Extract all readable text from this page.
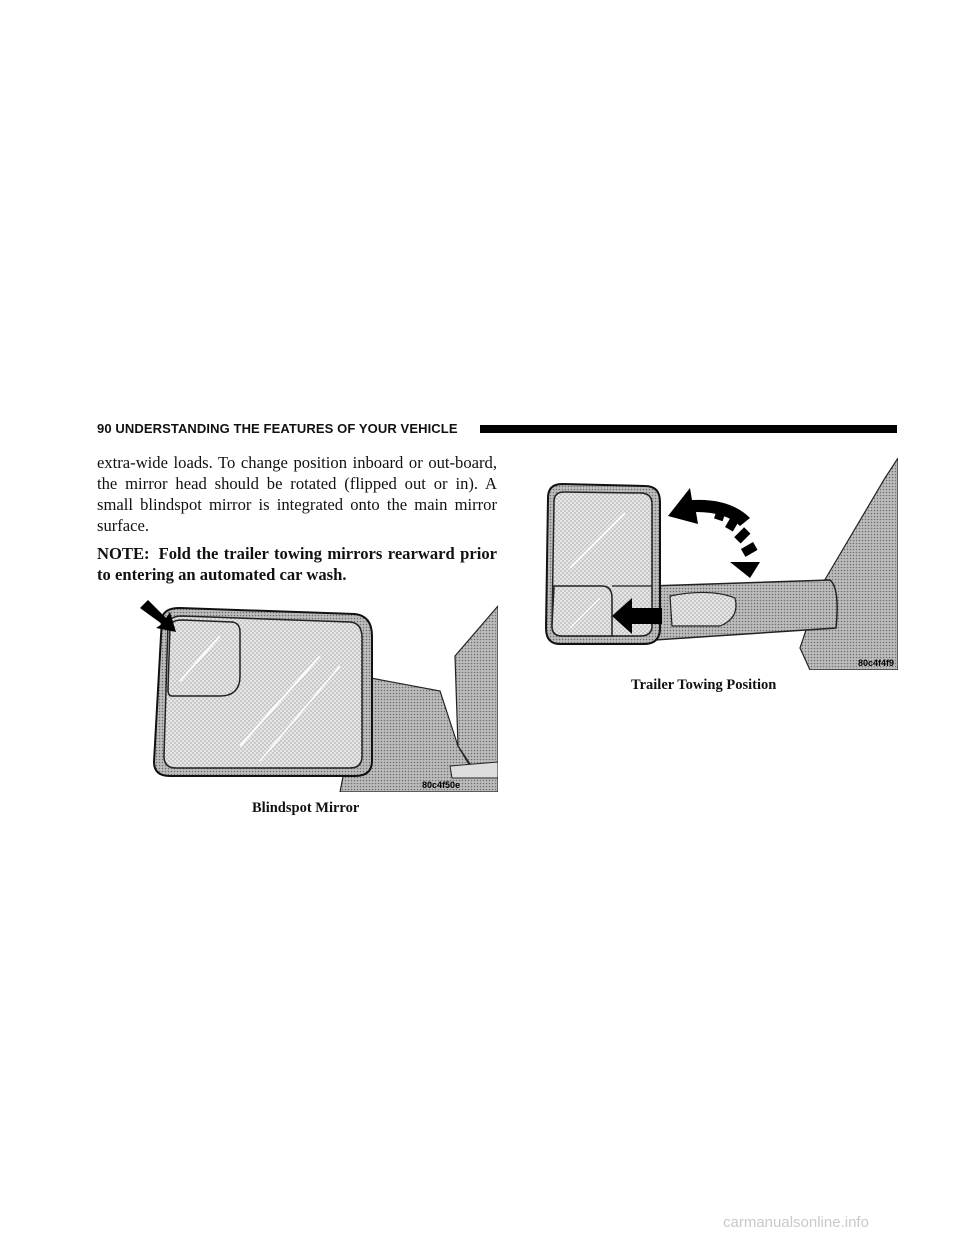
90 UNDERSTANDING THE FEATURES OF YOUR VEHICLE

extra-wide loads. To change position inboard or out-board, the mirror head should be rotated (flipped out or in). A small blindspot mirror is integrated onto the main mirror surface.

NOTE: Fold the trailer towing mirrors rearward prior to entering an automated car wash.

80c4f50e
Blindspot Mirror
80c4f4f9
Trailer Towing Position
carmanualsonline.info
